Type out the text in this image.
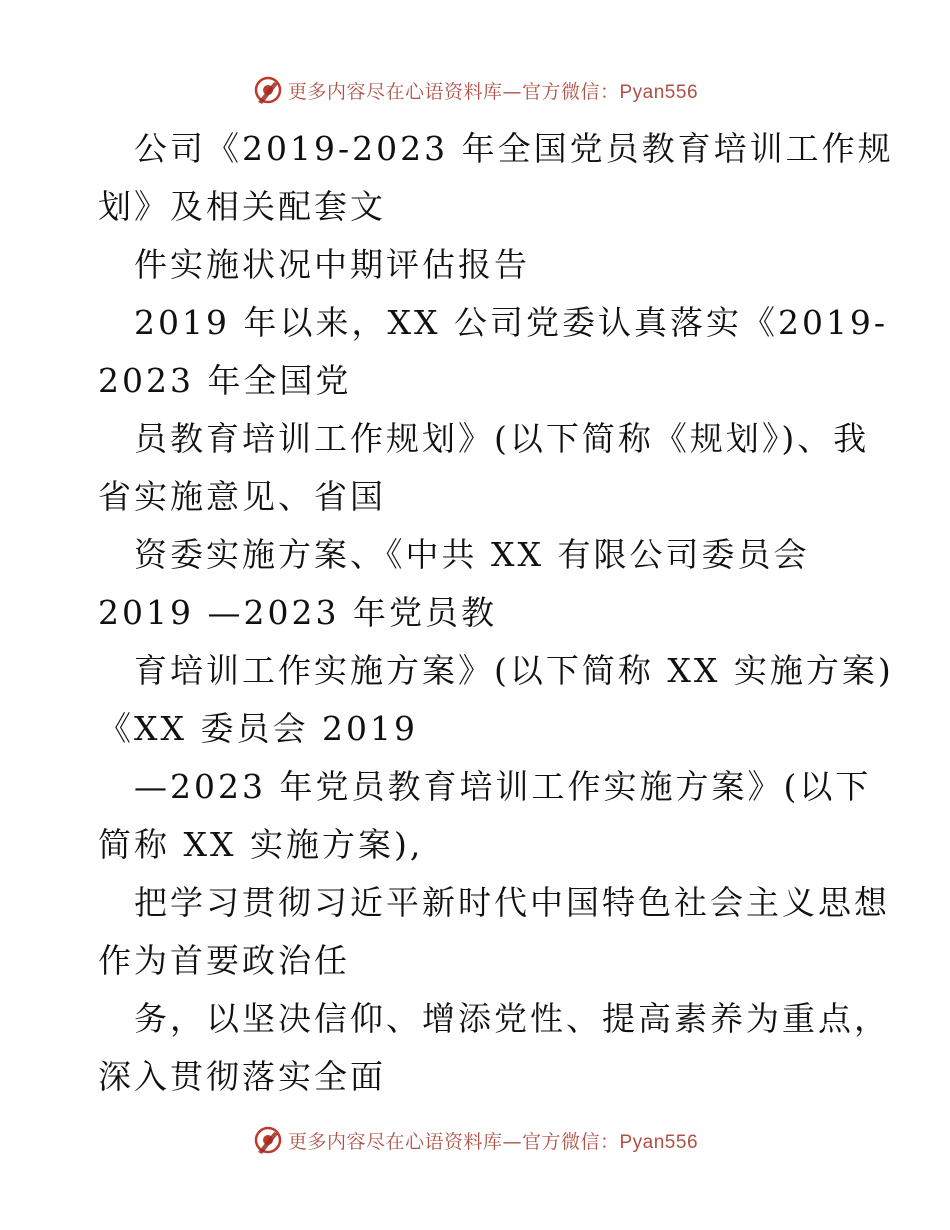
更多内容尽在心语资料库—官方微信：Pyan556
公司《2019-2023 年全国党员教育培训工作规
划》及相关配套文
件实施状况中期评估报告
2019 年以来，XX 公司党委认真落实《2019-
2023 年全国党
员教育培训工作规划》(以下简称《规划》)、我
省实施意见、省国
资委实施方案、《中共 XX 有限公司委员会
2019 —2023 年党员教
育培训工作实施方案》(以下简称 XX 实施方案)
《XX 委员会 2019
—2023 年党员教育培训工作实施方案》(以下
简称 XX 实施方案),
把学习贯彻习近平新时代中国特色社会主义思想
作为首要政治任
务，以坚决信仰、增添党性、提高素养为重点，
深入贯彻落实全面
更多内容尽在心语资料库—官方微信：Pyan556
